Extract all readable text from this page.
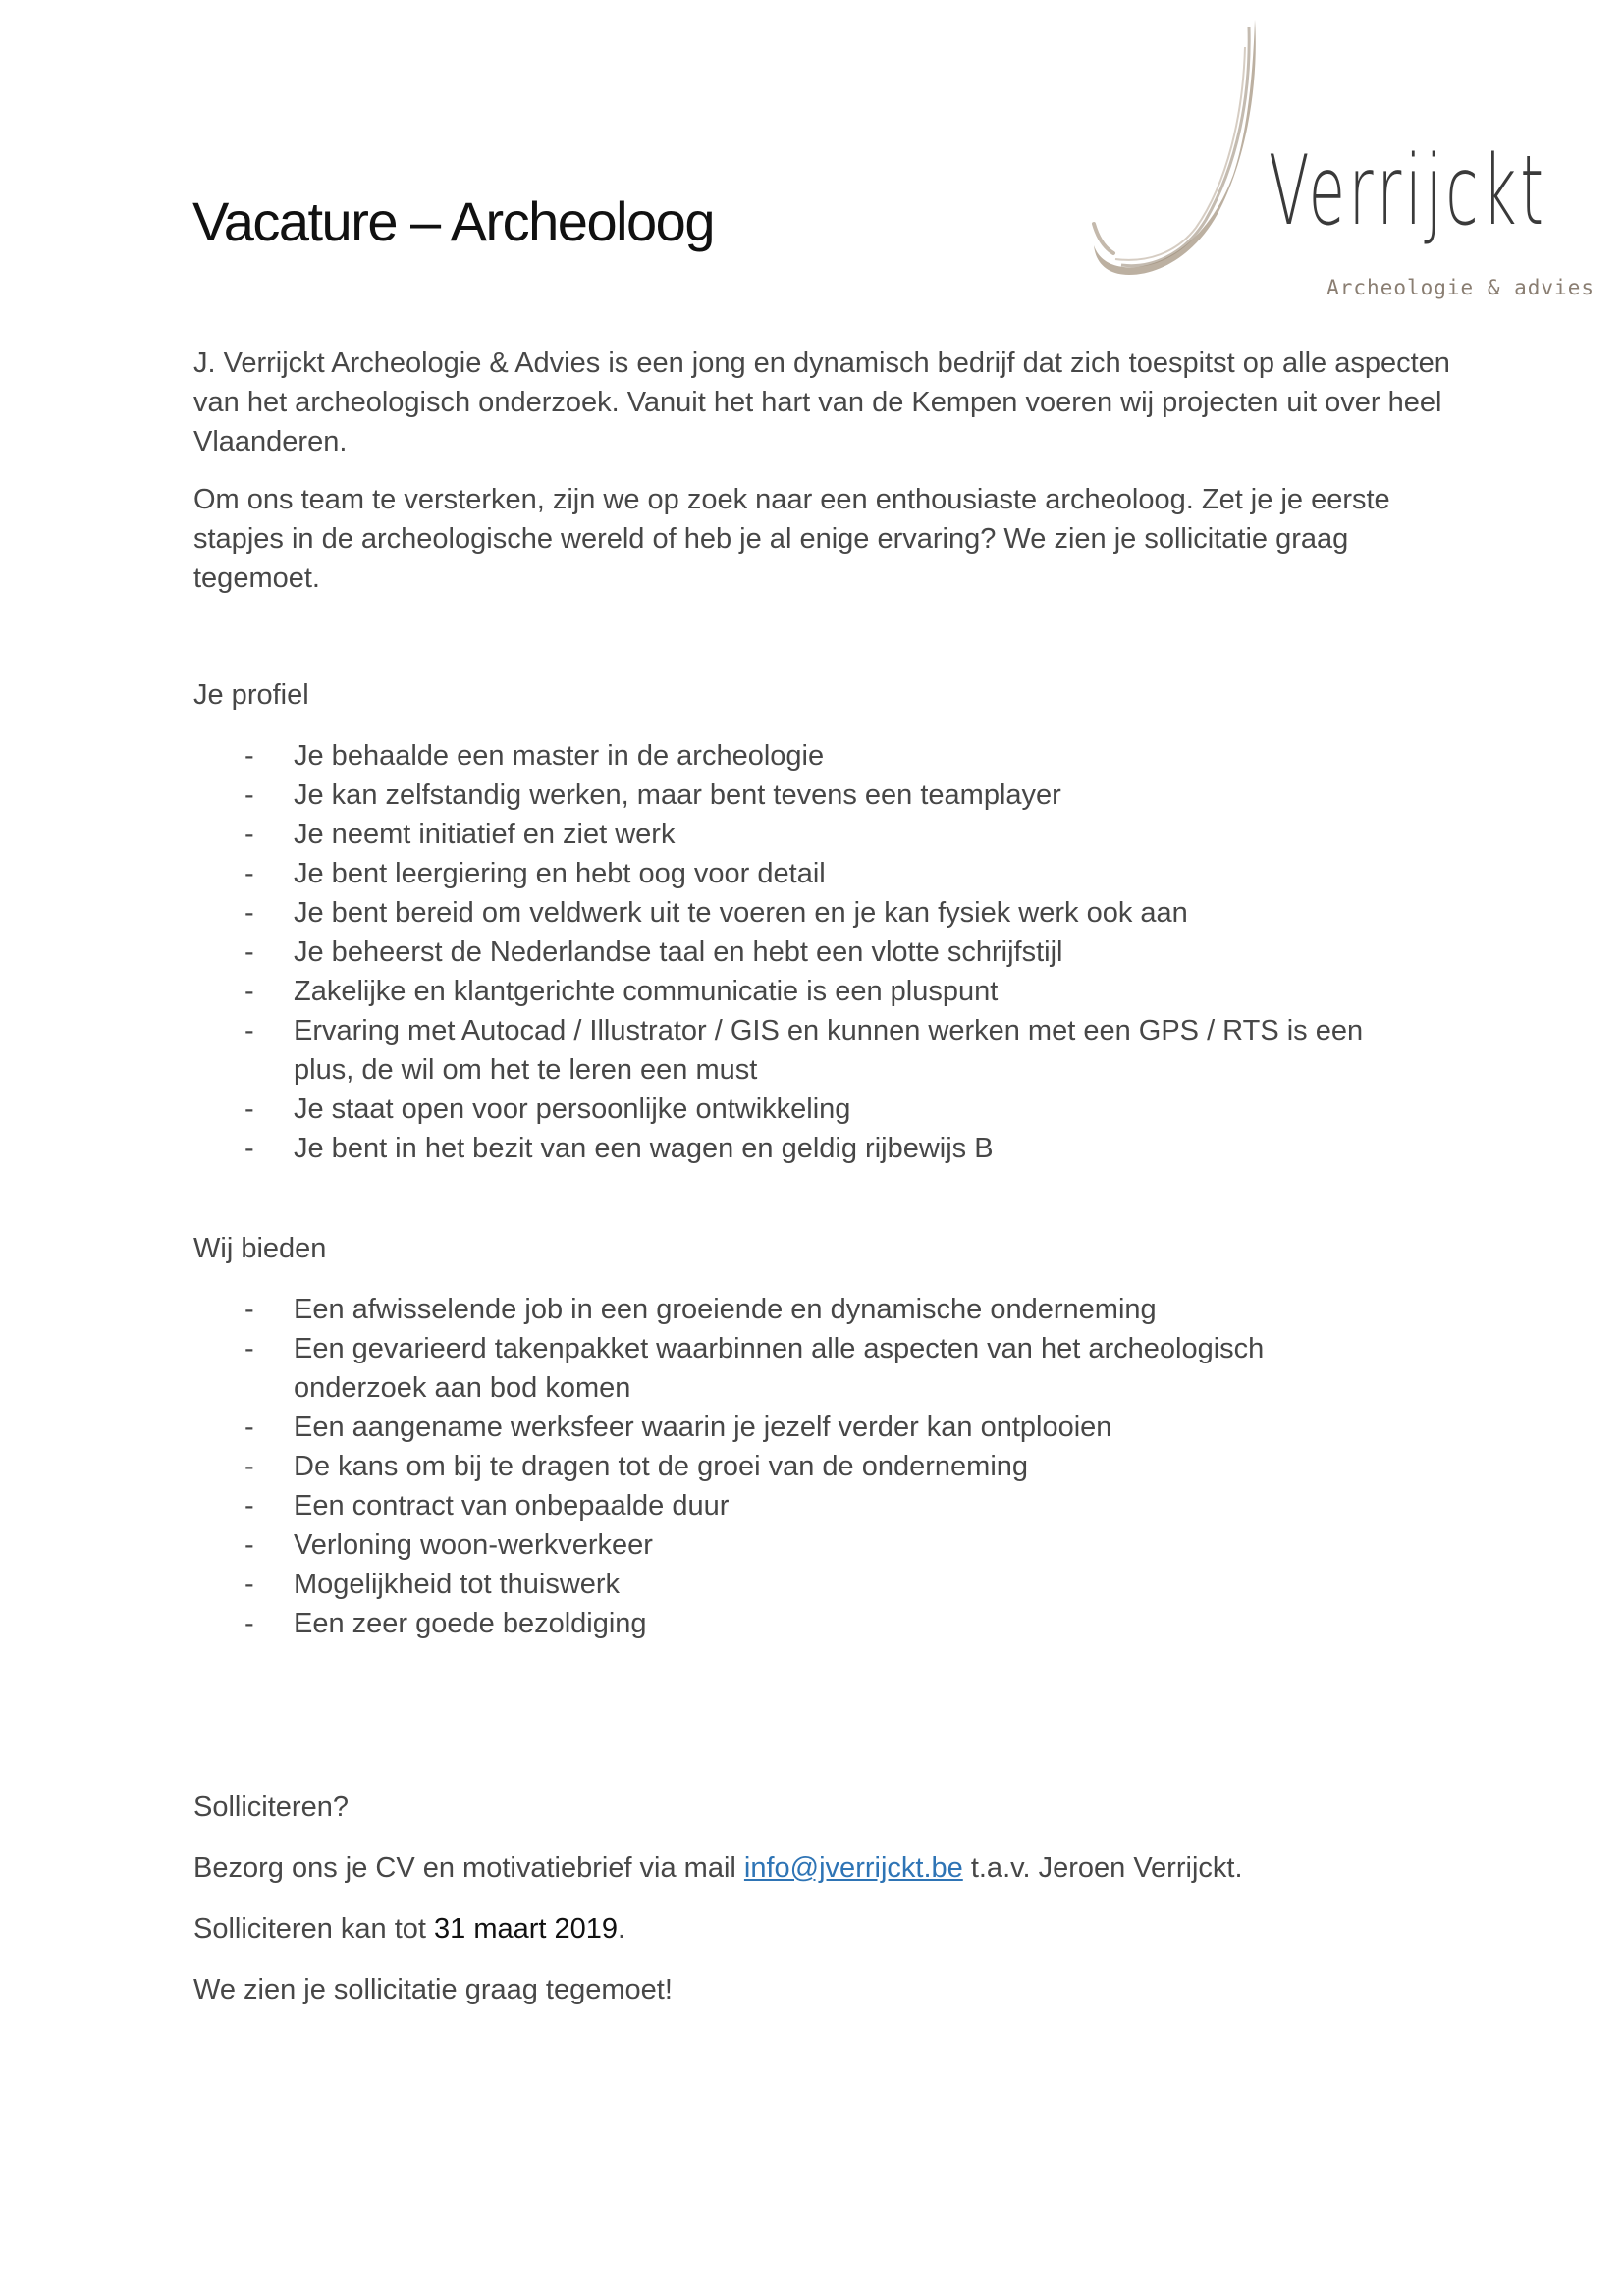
Vacature – Archeoloog	Verrijckt
Archeologie & advies

J. Verrijckt Archeologie & Advies is een jong en dynamisch bedrijf dat zich toespitst op alle aspecten van het archeologisch onderzoek. Vanuit het hart van de Kempen voeren wij projecten uit over heel Vlaanderen.

Om ons team te versterken, zijn we op zoek naar een enthousiaste archeoloog. Zet je je eerste stapjes in de archeologische wereld of heb je al enige ervaring? We zien je sollicitatie graag tegemoet.

Je profiel

- Je behaalde een master in de archeologie
- Je kan zelfstandig werken, maar bent tevens een teamplayer
- Je neemt initiatief en ziet werk
- Je bent leergiering en hebt oog voor detail
- Je bent bereid om veldwerk uit te voeren en je kan fysiek werk ook aan
- Je beheerst de Nederlandse taal en hebt een vlotte schrijfstijl
- Zakelijke en klantgerichte communicatie is een pluspunt
- Ervaring met Autocad / Illustrator / GIS en kunnen werken met een GPS / RTS is een plus, de wil om het te leren een must
- Je staat open voor persoonlijke ontwikkeling
- Je bent in het bezit van een wagen en geldig rijbewijs B

Wij bieden

- Een afwisselende job in een groeiende en dynamische onderneming
- Een gevarieerd takenpakket waarbinnen alle aspecten van het archeologisch onderzoek aan bod komen
- Een aangename werksfeer waarin je jezelf verder kan ontplooien
- De kans om bij te dragen tot de groei van de onderneming
- Een contract van onbepaalde duur
- Verloning woon-werkverkeer
- Mogelijkheid tot thuiswerk
- Een zeer goede bezoldiging

Solliciteren?

Bezorg ons je CV en motivatiebrief via mail info@jverrijckt.be t.a.v. Jeroen Verrijckt.

Solliciteren kan tot 31 maart 2019.

We zien je sollicitatie graag tegemoet!
